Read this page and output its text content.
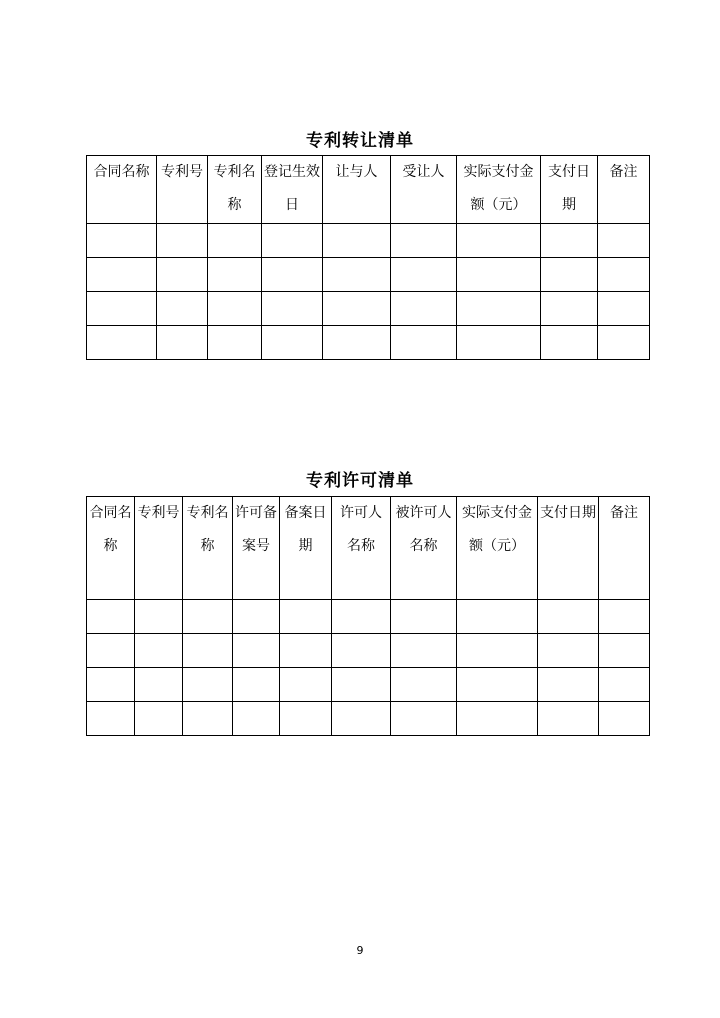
专利转让清单
合同名称	专利号	专利名称	登记生效日	让与人	受让人	实际支付金额（元）	支付日期	备注

专利许可清单
合同名称	专利号	专利名称	许可备案号	备案日期	许可人名称	被许可人名称	实际支付金额（元）	支付日期	备注

9
